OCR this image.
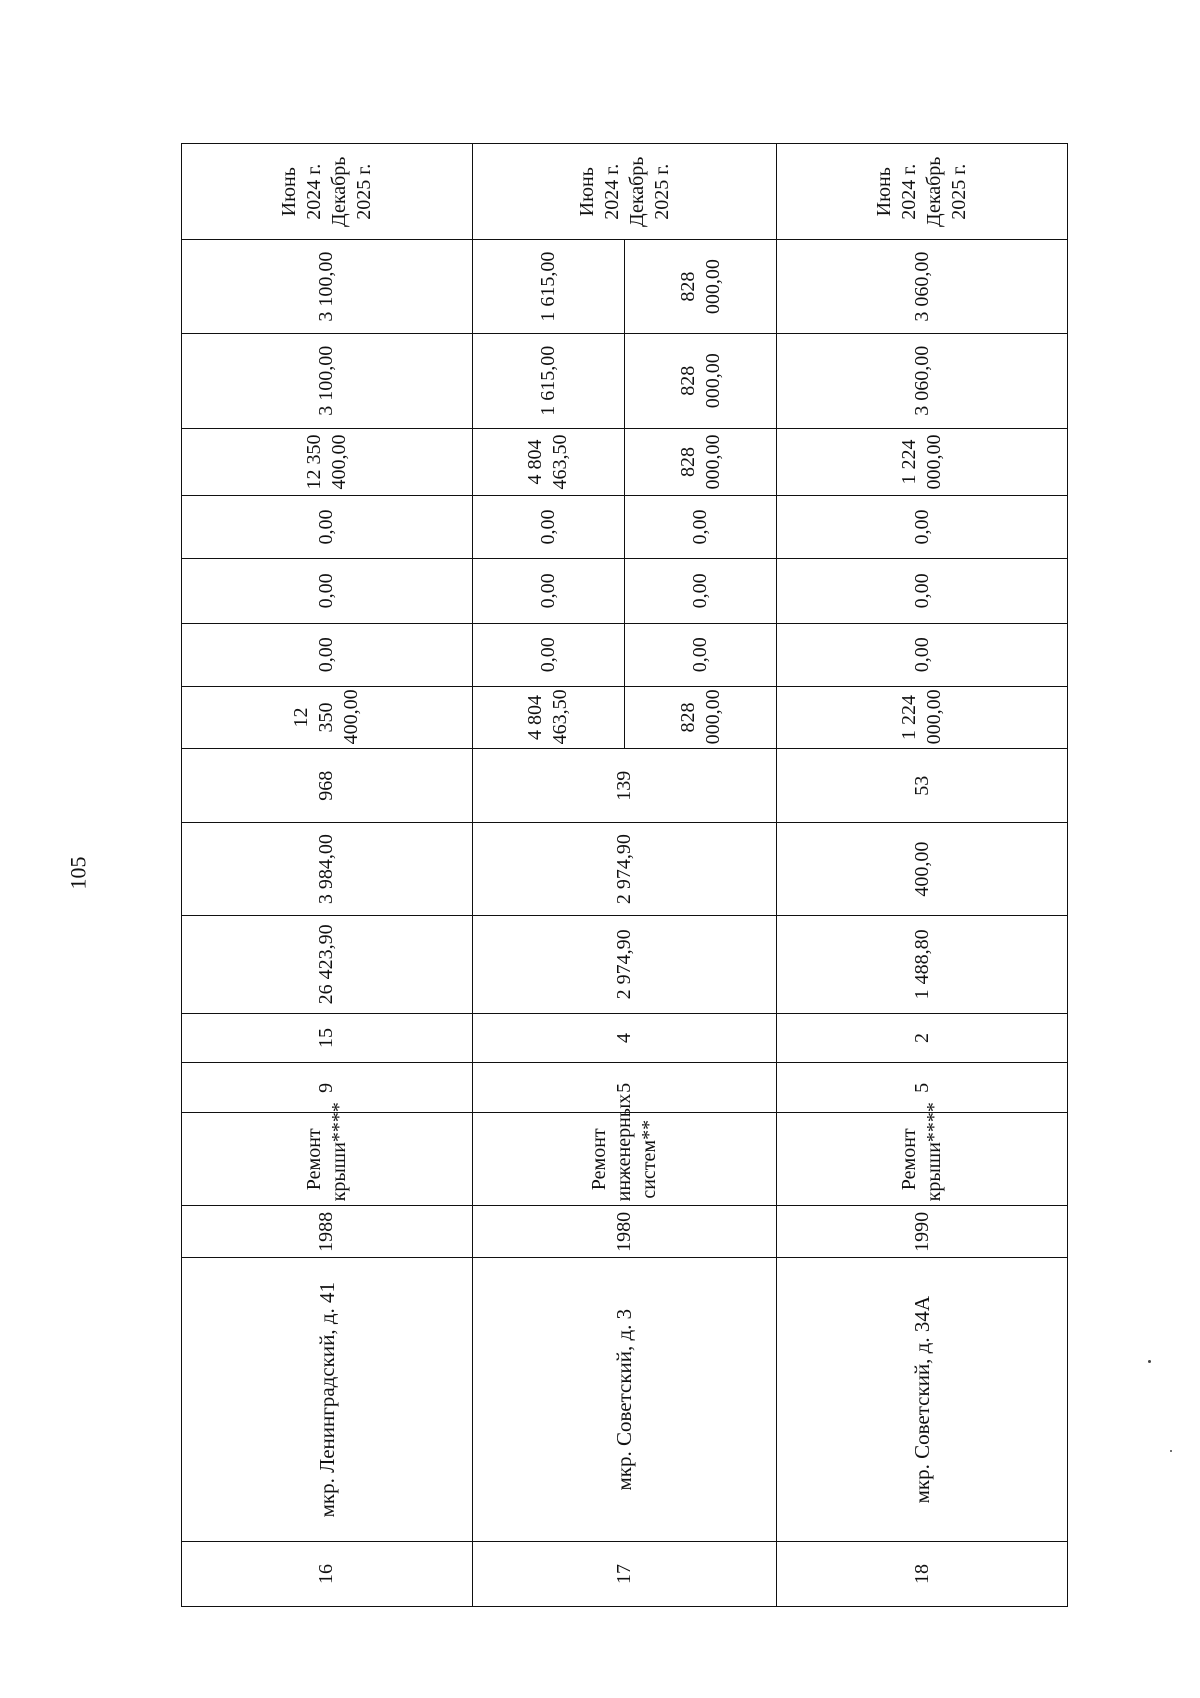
105
16	мкр. Ленинградский, д. 41	1988	Ремонт крыши****	9	15	26 423,90	3 984,00	968	12 350 400,00	0,00	0,00	0,00	12 350 400,00	3 100,00	3 100,00	Июнь 2024 г. Декабрь 2025 г.

17	мкр. Советский, д. 3	1980	Ремонт инженерных систем**	5	4	2 974,90	2 974,90	139	4 804 463,50	0,00	0,00	0,00	4 804 463,50	1 615,00	1 615,00	Июнь 2024 г. Декабрь 2025 г.

									828 000,00	0,00	0,00	0,00	828 000,00	828 000,00	828 000,00	
18	мкр. Советский, д. 34А	1990	Ремонт крыши****	5	2	1 488,80	400,00	53	1 224 000,00	0,00	0,00	0,00	1 224 000,00	3 060,00	3 060,00	Июнь 2024 г. Декабрь 2025 г.
